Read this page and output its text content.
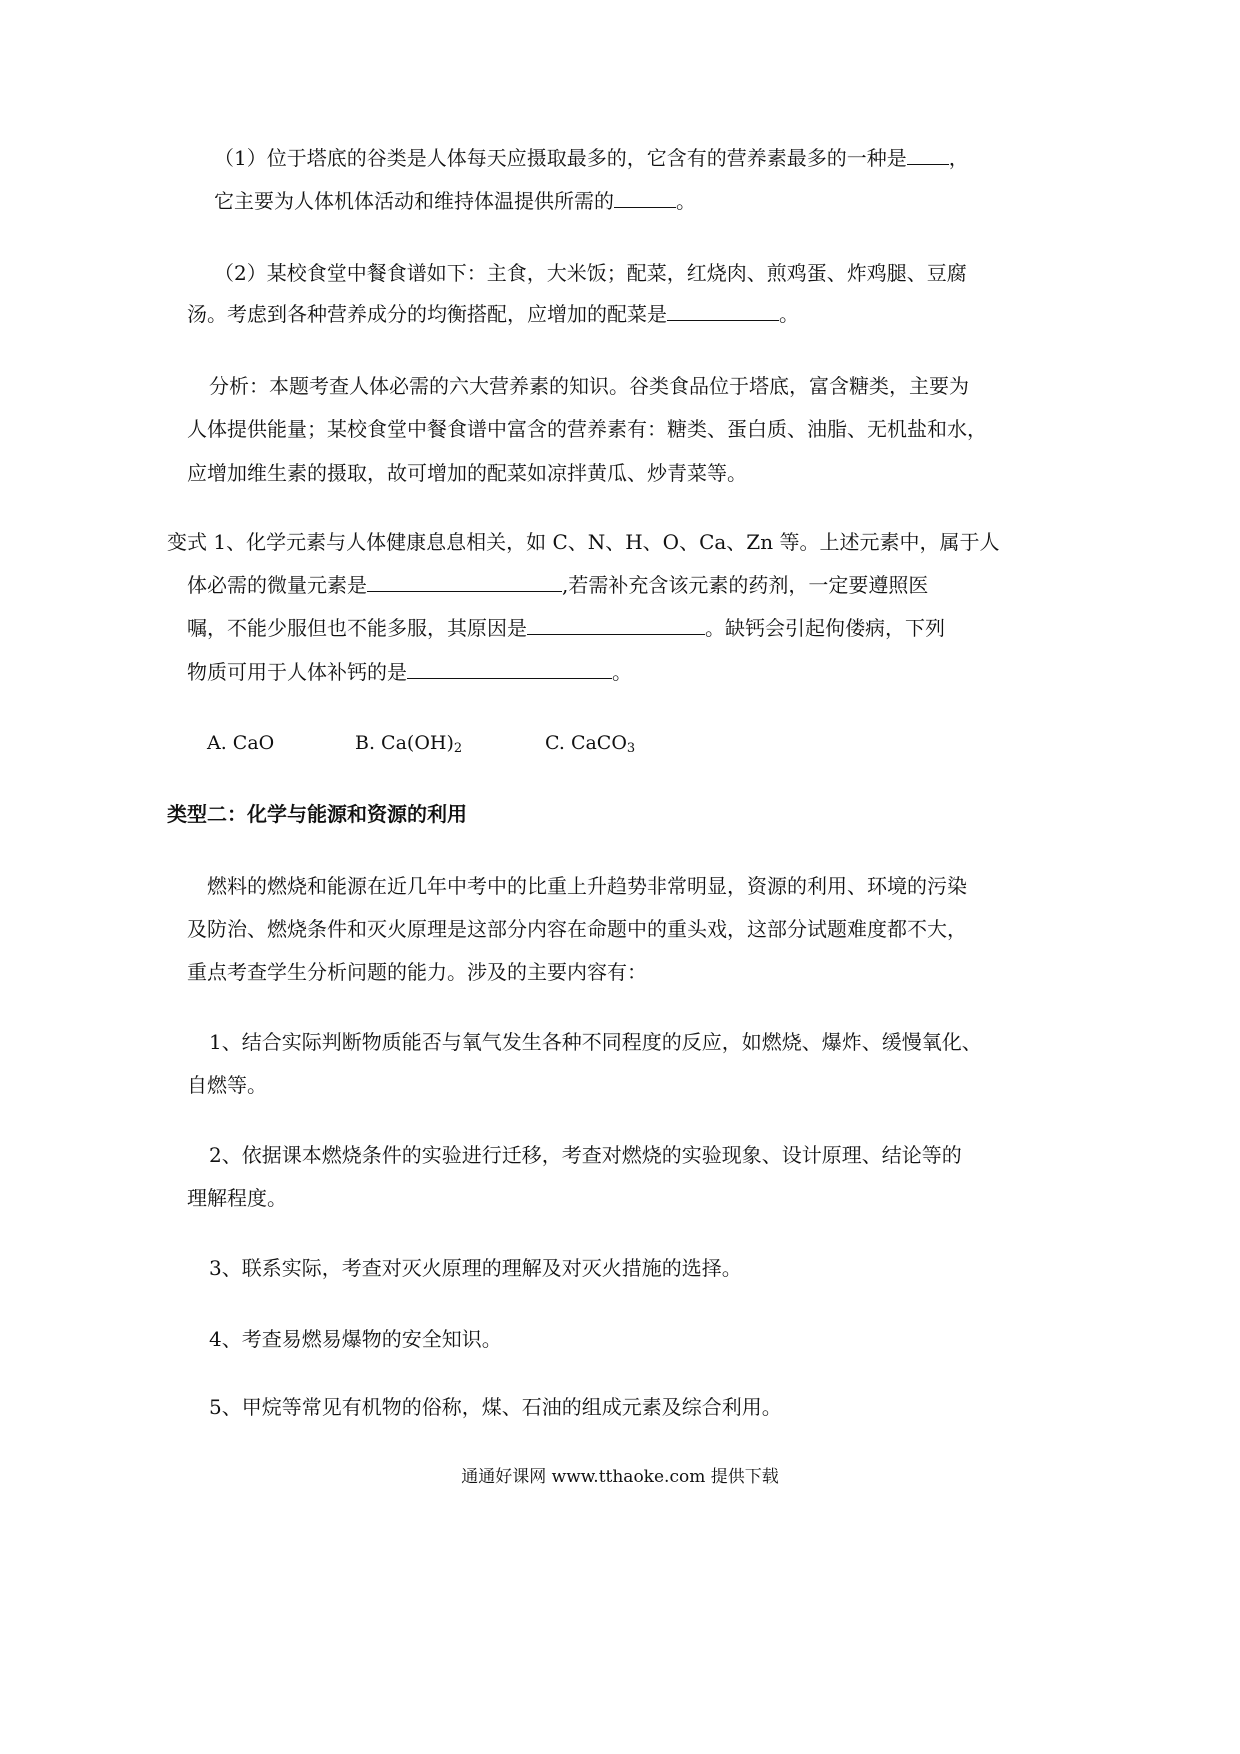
（1）位于塔底的谷类是人体每天应摄取最多的，它含有的营养素最多的一种是 ，
它主要为人体机体活动和维持体温提供所需的	。
（2）某校食堂中餐食谱如下：主食，大米饭；配菜，红烧肉、煎鸡蛋、炸鸡腿、豆腐
汤。考虑到各种营养成分的均衡搭配，应增加的配菜是	。
分析：本题考查人体必需的六大营养素的知识。谷类食品位于塔底，富含糖类，主要为
人体提供能量；某校食堂中餐食谱中富含的营养素有：糖类、蛋白质、油脂、无机盐和水，
应增加维生素的摄取，故可增加的配菜如凉拌黄瓜、炒青菜等。
变式 1、化学元素与人体健康息息相关，如 C、N、H、O、Ca、Zn 等。上述元素中，属于人
体必需的微量元素是	,若需补充含该元素的药剂，一定要遵照医
嘱，不能少服但也不能多服，其原因是	。缺钙会引起佝偻病，下列
物质可用于人体补钙的是	。
A. CaO	B. $Ca(OH)_2$	C. CaCO$_3$
类型二：化学与能源和资源的利用
燃料的燃烧和能源在近几年中考中的比重上升趋势非常明显，资源的利用、环境的污染
及防治、燃烧条件和灭火原理是这部分内容在命题中的重头戏，这部分试题难度都不大，
重点考查学生分析问题的能力。涉及的主要内容有：
1、结合实际判断物质能否与氧气发生各种不同程度的反应，如燃烧、爆炸、缓慢氧化、
自燃等。
2、依据课本燃烧条件的实验进行迁移，考查对燃烧的实验现象、设计原理、结论等的
理解程度。
3、联系实际，考查对灭火原理的理解及对灭火措施的选择。
4、考查易燃易爆物的安全知识。
5、甲烷等常见有机物的俗称，煤、石油的组成元素及综合利用。
通通好课网 www.tthaoke.com 提供下载
